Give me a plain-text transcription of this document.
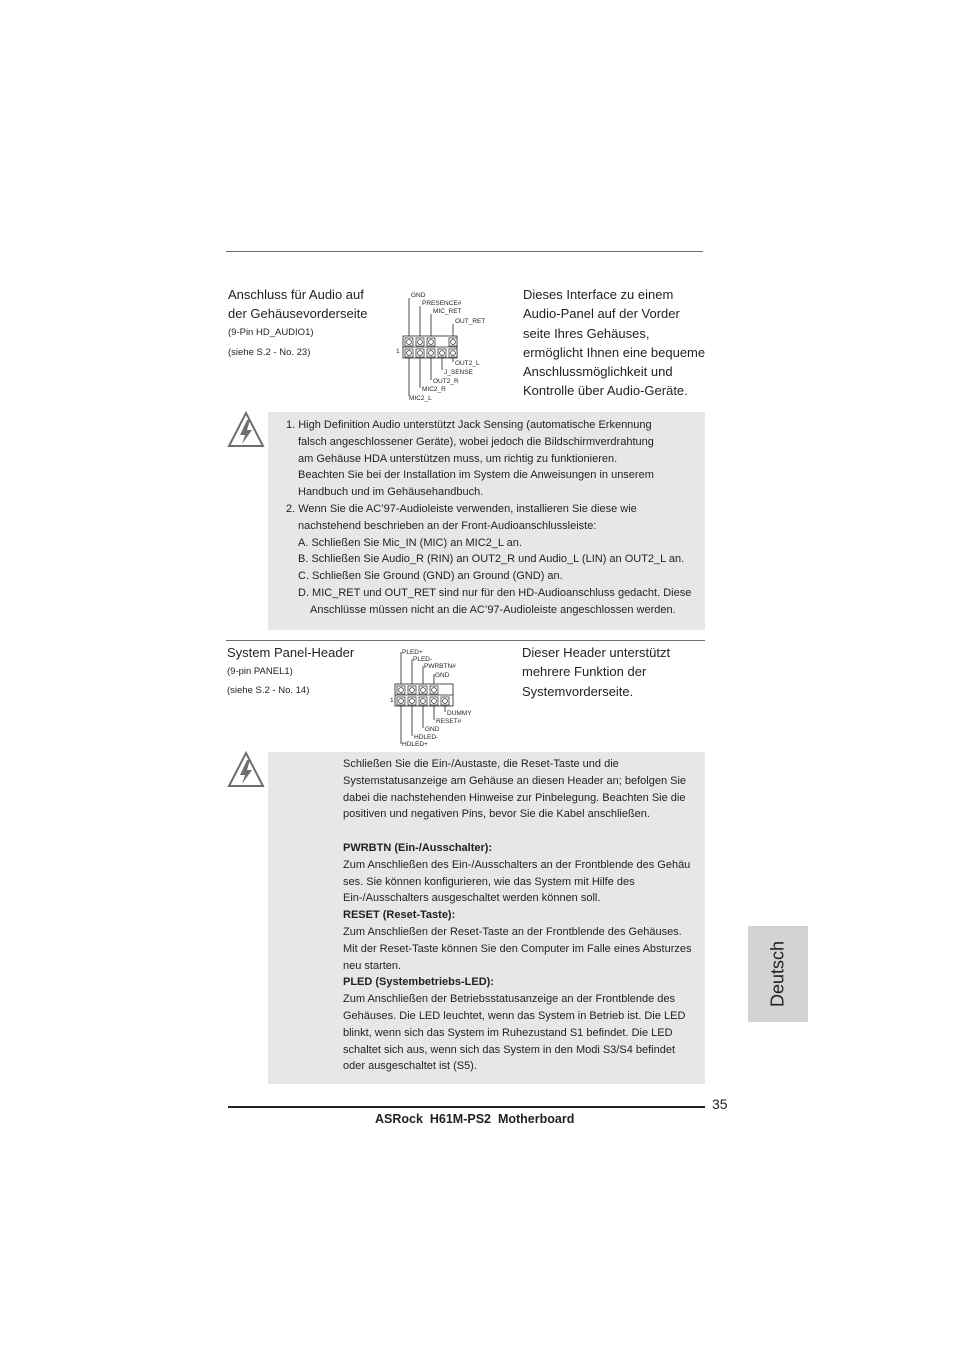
Anschluss für Audio auf
der Gehäusevorderseite
(9-Pin HD_AUDIO1)
(siehe S.2 - No. 23)
GND
PRESENCE#
MIC_RET
OUT_RET
1
OUT2_L
J_SENSE
OUT2_R
MIC2_R
MIC2_L
Dieses Interface zu einem
Audio-Panel auf der Vorder
seite Ihres Gehäuses,
ermöglicht Ihnen eine bequeme
Anschlussmöglichkeit und
Kontrolle über Audio-Geräte.
1. High Definition Audio unterstützt Jack Sensing (automatische Erkennung
falsch angeschlossener Geräte), wobei jedoch die Bildschirmverdrahtung
am Gehäuse HDA unterstützen muss, um richtig zu funktionieren.
Beachten Sie bei der Installation im System die Anweisungen in unserem
Handbuch und im Gehäusehandbuch.
2. Wenn Sie die AC’97-Audioleiste verwenden, installieren Sie diese wie
nachstehend beschrieben an der Front-Audioanschlussleiste:
A. Schließen Sie Mic_IN (MIC) an MIC2_L an.
B. Schließen Sie Audio_R (RIN) an OUT2_R und Audio_L (LIN) an OUT2_L an.
C. Schließen Sie Ground (GND) an Ground (GND) an.
D. MIC_RET und OUT_RET sind nur für den HD-Audioanschluss gedacht. Diese
Anschlüsse müssen nicht an die AC’97-Audioleiste angeschlossen werden.
System Panel-Header
(9-pin PANEL1)
(siehe S.2 - No. 14)
PLED+
PLED-
PWRBTN#
GND
1
DUMMY
RESET#
GND
HDLED-
HDLED+
Dieser Header unterstützt
mehrere Funktion der
Systemvorderseite.
Schließen Sie die Ein-/Austaste, die Reset-Taste und die
Systemstatusanzeige am Gehäuse an diesen Header an; befolgen Sie
dabei die nachstehenden Hinweise zur Pinbelegung. Beachten Sie die
positiven und negativen Pins, bevor Sie die Kabel anschließen.
PWRBTN (Ein-/Ausschalter):
Zum Anschließen des Ein-/Ausschalters an der Frontblende des Gehäu
ses. Sie können konfigurieren, wie das System mit Hilfe des
Ein-/Ausschalters ausgeschaltet werden können soll.
RESET (Reset-Taste):
Zum Anschließen der Reset-Taste an der Frontblende des Gehäuses.
Mit der Reset-Taste können Sie den Computer im Falle eines Absturzes
neu starten.
PLED (Systembetriebs-LED):
Zum Anschließen der Betriebsstatusanzeige an der Frontblende des
Gehäuses. Die LED leuchtet, wenn das System in Betrieb ist. Die LED
blinkt, wenn sich das System im Ruhezustand S1 befindet. Die LED
schaltet sich aus, wenn sich das System in den Modi S3/S4 befindet
oder ausgeschaltet ist (S5).
Deutsch
35
ASRock  H61M-PS2  Motherboard
